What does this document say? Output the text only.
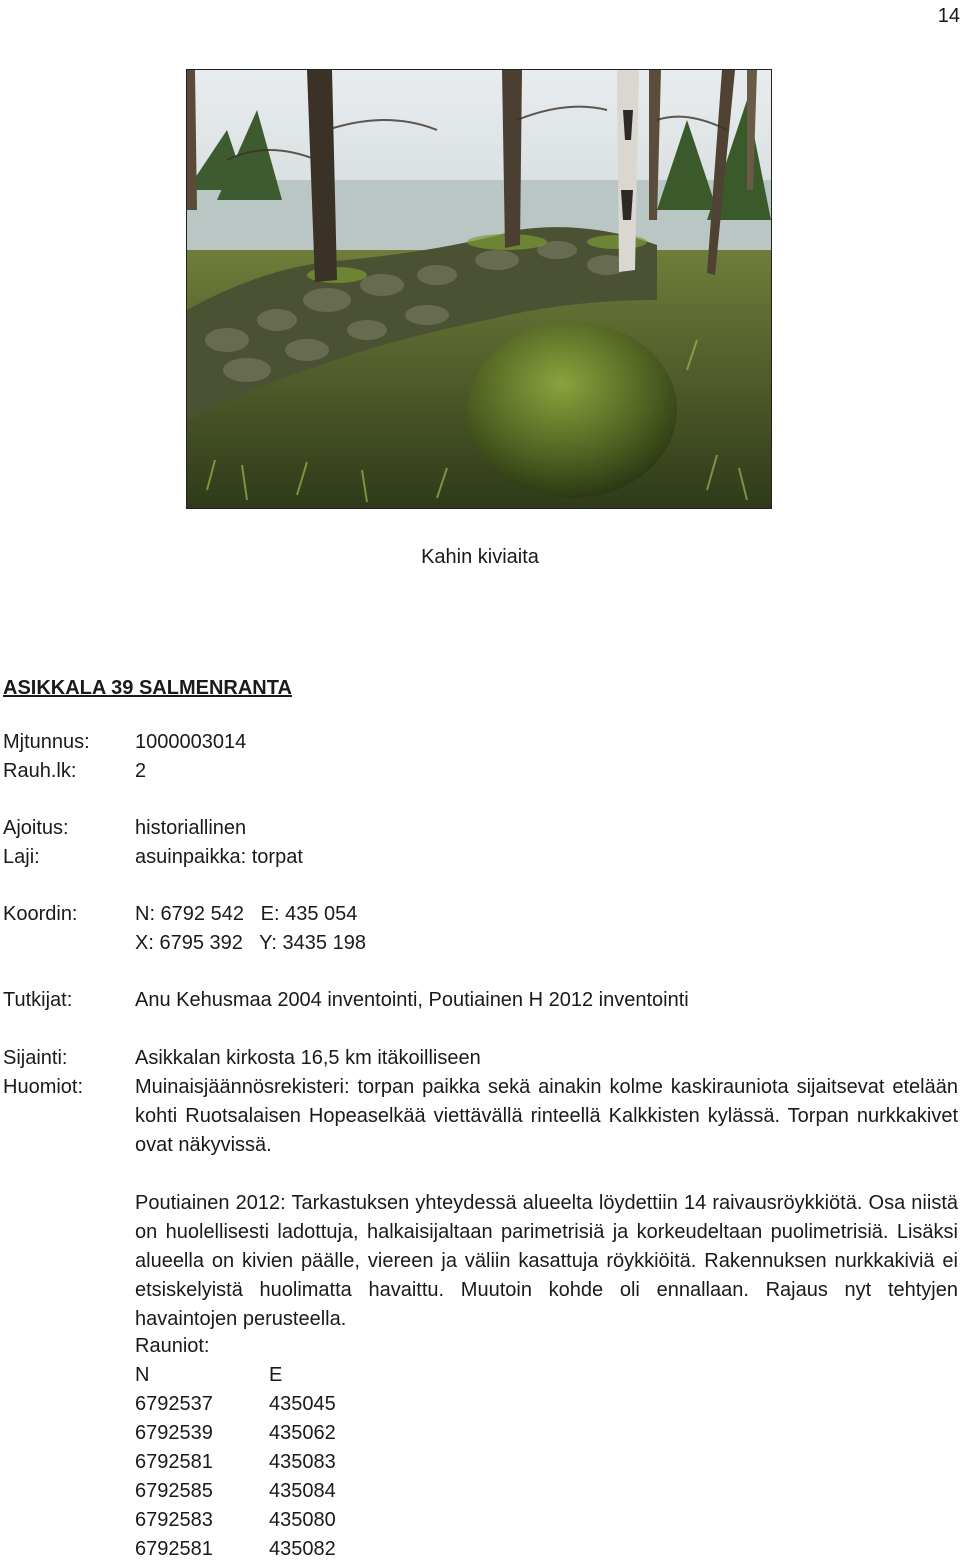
14
Kahin kiviaita
ASIKKALA 39 SALMENRANTA
Mjtunnus: 1000003014
Rauh.lk:	2
Ajoitus:	historiallinen
Laji:	asuinpaikka: torpat
Koordin:	N: 6792 542   E: 435 054
X: 6795 392   Y: 3435 198
Tutkijat:	Anu Kehusmaa 2004 inventointi, Poutiainen H 2012 inventointi
Sijainti:	Asikkalan kirkosta 16,5 km itäkoilliseen
Huomiot:	Muinaisjäännösrekisteri: torpan paikka sekä ainakin kolme kaskirauniota sijaitsevat etelään kohti Ruotsalaisen Hopeaselkää viettävällä rinteellä Kalkkisten kylässä. Torpan nurkkakivet ovat näkyvissä.

Poutiainen 2012: Tarkastuksen yhteydessä alueelta löydettiin 14 raivausröykkiötä. Osa niistä on huolellisesti ladottuja, halkaisijaltaan parimetrisiä ja korkeudeltaan puolimetrisiä. Lisäksi alueella on kivien päälle, viereen ja väliin kasattuja röykkiöitä. Rakennuksen nurkkakiviä ei etsiskelyistä huolimatta havaittu. Muutoin kohde oli ennallaan. Rajaus nyt tehtyjen havaintojen perusteella.

Rauniot:
N	E
6792537	435045
6792539	435062
6792581	435083
6792585	435084
6792583	435080
6792581	435082
